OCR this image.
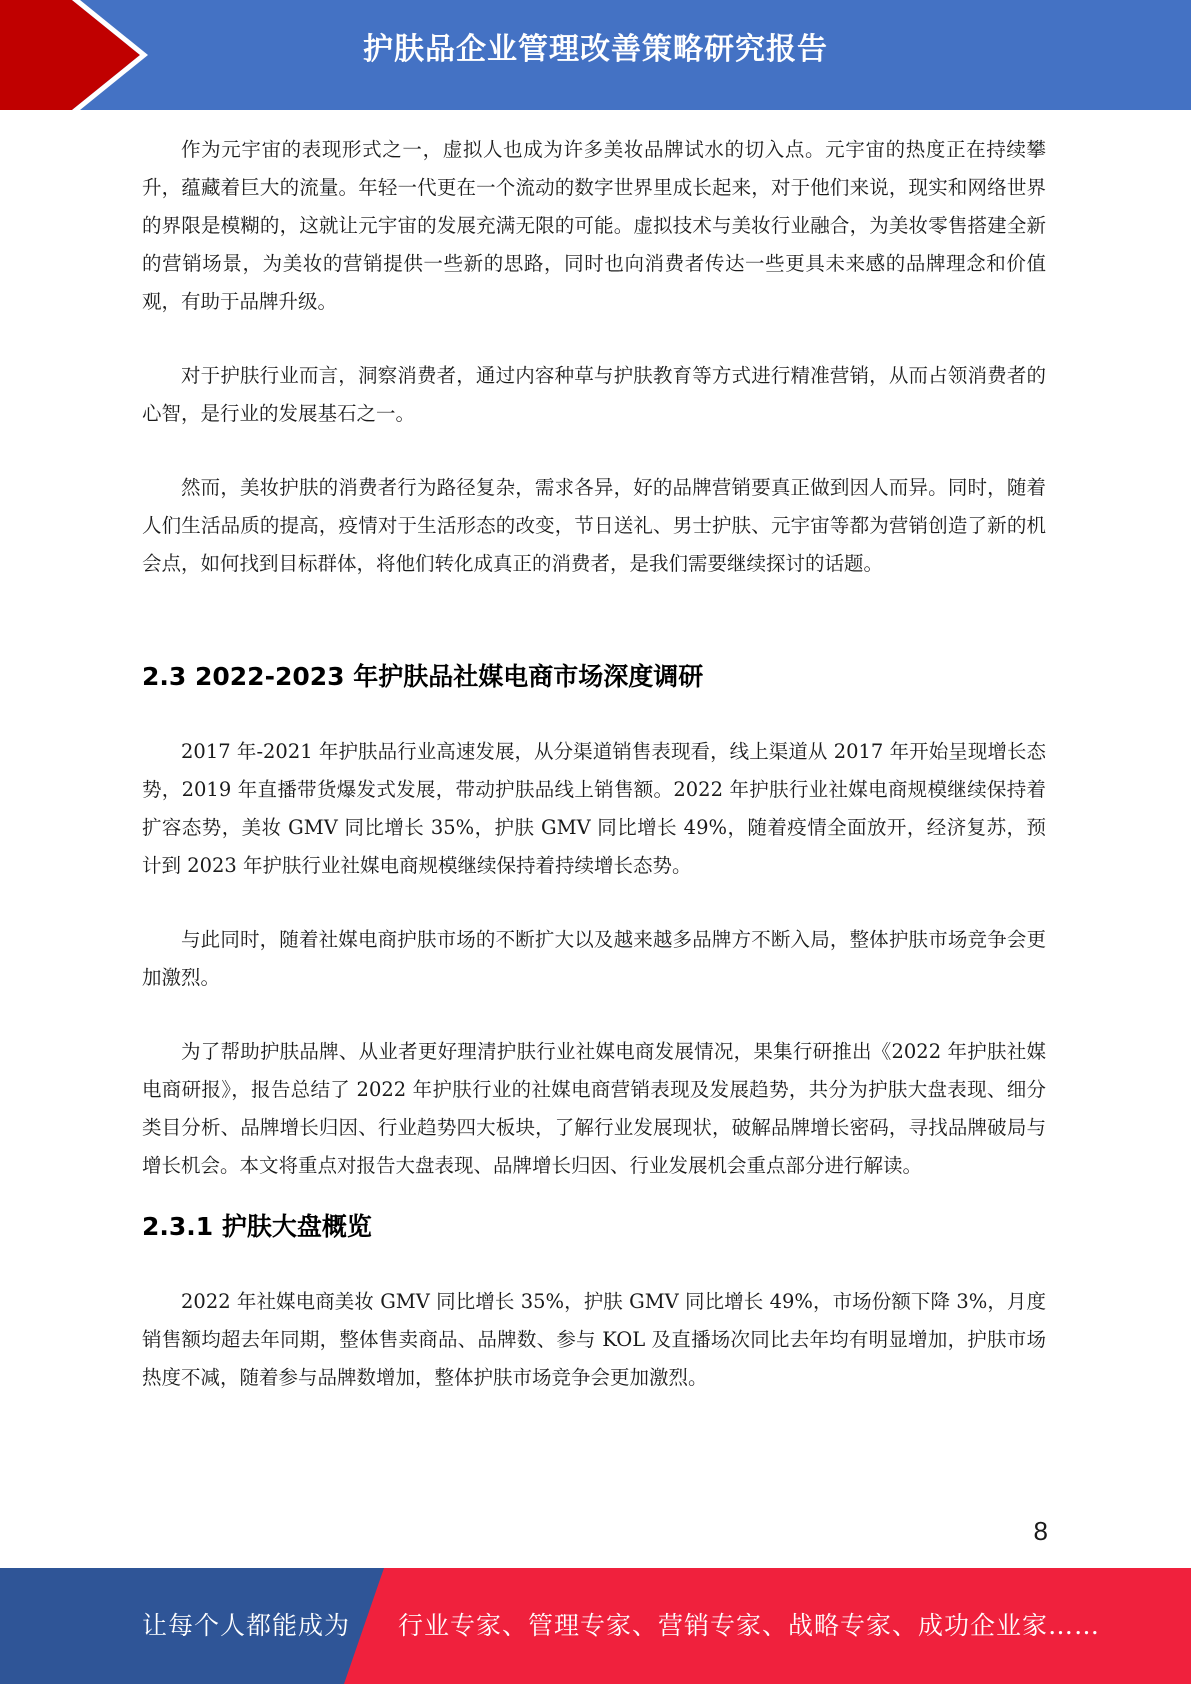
护肤品企业管理改善策略研究报告

作为元宇宙的表现形式之一，虚拟人也成为许多美妆品牌试水的切入点。元宇宙的热度正在持续攀升，蕴藏着巨大的流量。年轻一代更在一个流动的数字世界里成长起来，对于他们来说，现实和网络世界的界限是模糊的，这就让元宇宙的发展充满无限的可能。虚拟技术与美妆行业融合，为美妆零售搭建全新的营销场景，为美妆的营销提供一些新的思路，同时也向消费者传达一些更具未来感的品牌理念和价值观，有助于品牌升级。

对于护肤行业而言，洞察消费者，通过内容种草与护肤教育等方式进行精准营销，从而占领消费者的心智，是行业的发展基石之一。

然而，美妆护肤的消费者行为路径复杂，需求各异，好的品牌营销要真正做到因人而异。同时，随着人们生活品质的提高，疫情对于生活形态的改变，节日送礼、男士护肤、元宇宙等都为营销创造了新的机会点，如何找到目标群体，将他们转化成真正的消费者，是我们需要继续探讨的话题。

2.3 2022-2023 年护肤品社媒电商市场深度调研

2017 年-2021 年护肤品行业高速发展，从分渠道销售表现看，线上渠道从 2017 年开始呈现增长态势，2019 年直播带货爆发式发展，带动护肤品线上销售额。2022 年护肤行业社媒电商规模继续保持着扩容态势，美妆 GMV 同比增长 35%，护肤 GMV 同比增长 49%，随着疫情全面放开，经济复苏，预计到 2023 年护肤行业社媒电商规模继续保持着持续增长态势。

与此同时，随着社媒电商护肤市场的不断扩大以及越来越多品牌方不断入局，整体护肤市场竞争会更加激烈。

为了帮助护肤品牌、从业者更好理清护肤行业社媒电商发展情况，果集行研推出《2022 年护肤社媒电商研报》，报告总结了 2022 年护肤行业的社媒电商营销表现及发展趋势，共分为护肤大盘表现、细分类目分析、品牌增长归因、行业趋势四大板块，了解行业发展现状，破解品牌增长密码，寻找品牌破局与增长机会。本文将重点对报告大盘表现、品牌增长归因、行业发展机会重点部分进行解读。

2.3.1 护肤大盘概览

2022 年社媒电商美妆 GMV 同比增长 35%，护肤 GMV 同比增长 49%，市场份额下降 3%，月度销售额均超去年同期，整体售卖商品、品牌数、参与 KOL 及直播场次同比去年均有明显增加，护肤市场热度不减，随着参与品牌数增加，整体护肤市场竞争会更加激烈。

8
让每个人都能成为 行业专家、管理专家、营销专家、战略专家、成功企业家……
